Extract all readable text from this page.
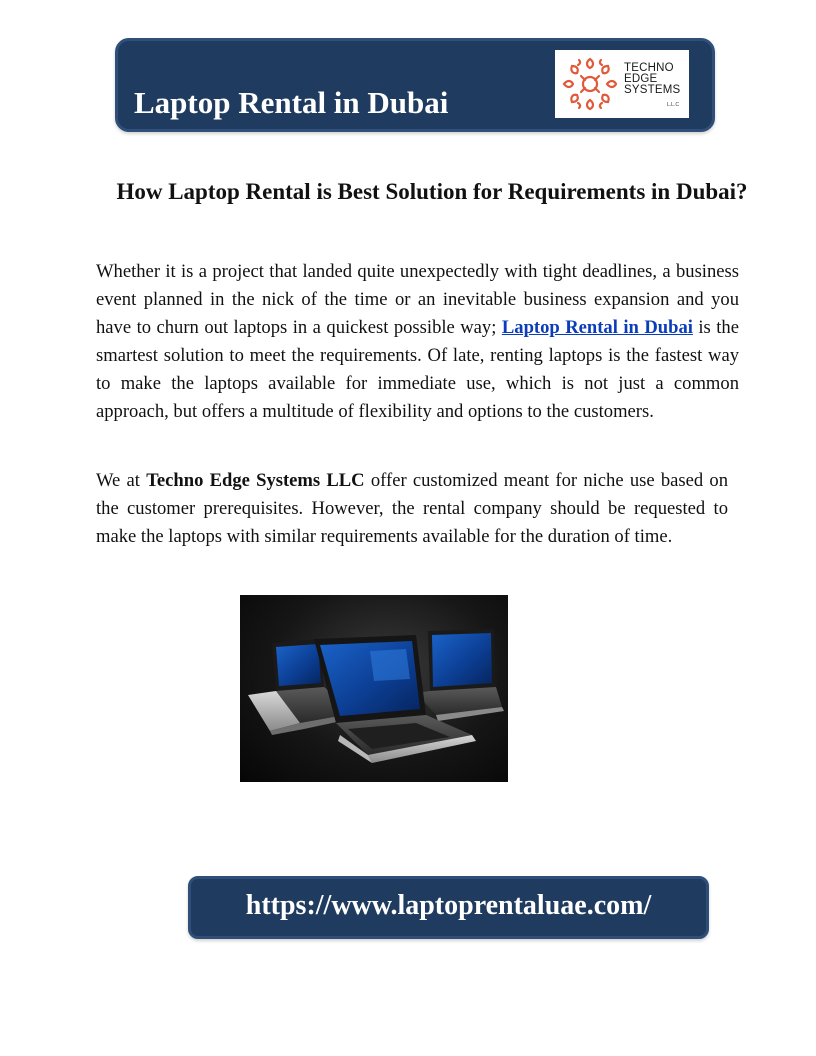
Laptop Rental in Dubai
TECHNO
EDGE
SYSTEMS
L.L.C
How Laptop Rental is Best Solution for Requirements in Dubai?
Whether it is a project that landed quite unexpectedly with tight deadlines, a business event planned in the nick of the time or an inevitable business expansion and you have to churn out laptops in a quickest possible way; Laptop Rental in Dubai is the smartest solution to meet the requirements. Of late, renting laptops is the fastest way to make the laptops available for immediate use, which is not just a common approach, but offers a multitude of flexibility and options to the customers.
We at Techno Edge Systems LLC offer customized meant for niche use based on the customer prerequisites. However, the rental company should be requested to make the laptops with similar requirements available for the duration of time.
https://www.laptoprentaluae.com/
